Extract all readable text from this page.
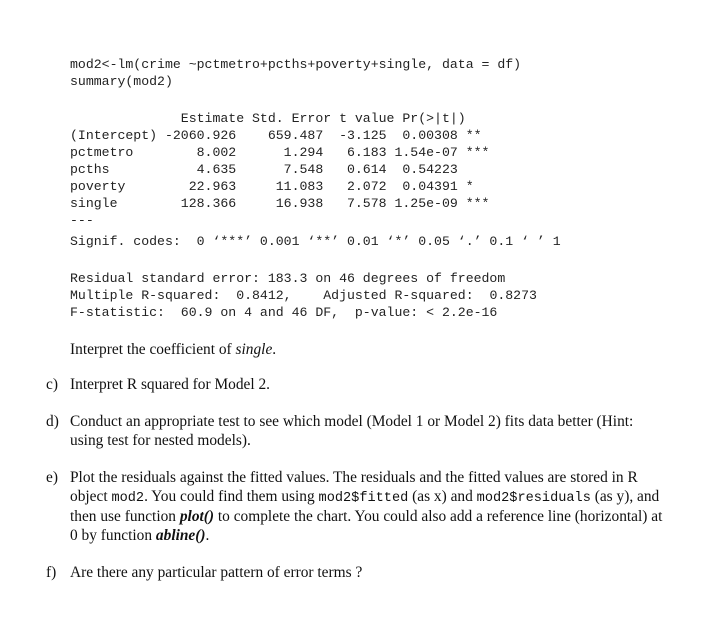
mod2<-lm(crime ~pctmetro+pcths+poverty+single, data = df)
summary(mod2)
Estimate Std. Error t value Pr(>|t|)
(Intercept) -2060.926    659.487  -3.125  0.00308 **
pctmetro        8.002      1.294   6.183 1.54e-07 ***
pcths           4.635      7.548   0.614  0.54223
poverty        22.963     11.083   2.072  0.04391 *
single        128.366     16.938   7.578 1.25e-09 ***
---
Signif. codes:  0 ‘***’ 0.001 ‘**’ 0.01 ‘*’ 0.05 ‘.’ 0.1 ‘ ’ 1
Residual standard error: 183.3 on 46 degrees of freedom
Multiple R-squared:  0.8412,	Adjusted R-squared:  0.8273
F-statistic:  60.9 on 4 and 46 DF,  p-value: < 2.2e-16
Interpret the coefficient of single.
c) Interpret R squared for Model 2.
d) Conduct an appropriate test to see which model (Model 1 or Model 2) fits data better (Hint: using test for nested models).
e) Plot the residuals against the fitted values. The residuals and the fitted values are stored in R object mod2. You could find them using mod2$fitted (as x) and mod2$residuals (as y), and then use function plot() to complete the chart. You could also add a reference line (horizontal) at 0 by function abline().
f) Are there any particular pattern of error terms ?
